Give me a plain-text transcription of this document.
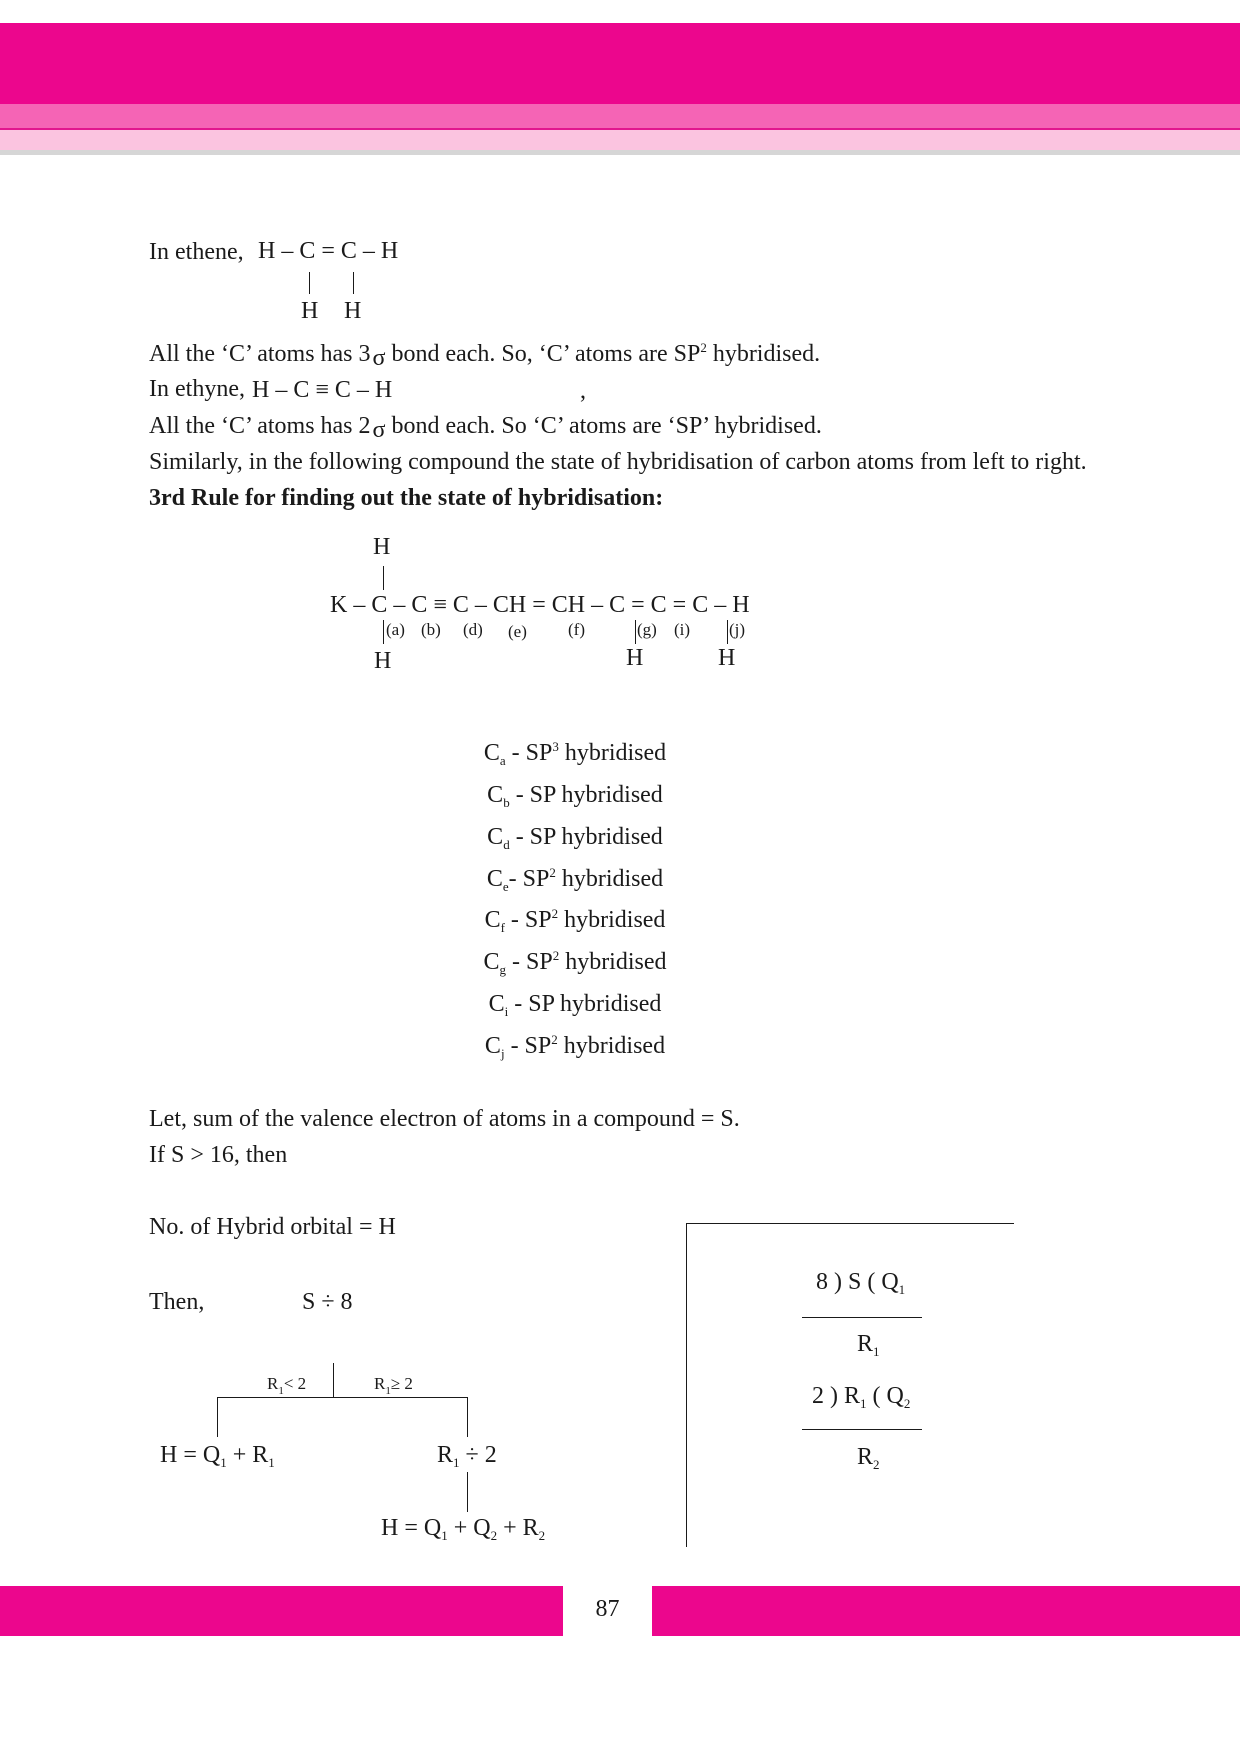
In ethene, H – C = C – H
H H
All the ‘C’ atoms has 3σ bond each. So, ‘C’ atoms are $SP^2$ hybridised.
In ethyne, H – C ≡ C – H	,
All the ‘C’ atoms has 2σ bond each. So ‘C’ atoms are ‘SP’ hybridised.
Similarly, in the following compound the state of hybridisation of carbon atoms from left to right.
3rd Rule for finding out the state of hybridisation:
H
K – C – C ≡ C – CH = CH – C = C = C – H
(a) (b) (d) (e) (f)	(g) (i) (j)
H	H	H
$C_a - SP^3$ hybridised
$C_b$ - SP hybridised
$C_d$ - SP hybridised
$C_e-$ $SP^2$ hybridised
$C_f - SP^2$ hybridised
$C_g - SP^2$ hybridised
$C_i$ - SP hybridised
$C_j - SP^2$ hybridised
Let, sum of the valence electron of atoms in a compound = S.
If S > 16, then
No. of Hybrid orbital = H
Then,	S ÷ 8
$R_1< 2$	$R_1\ge 2$
$H = Q_1 + R_1$	$R_1 \div 2$
$H = Q_1 + Q_2 + R_2$
8 ) S ( $Q_1$
$R_1$
2 ) $R_1$ ( $Q_2$
$R_2$
87
